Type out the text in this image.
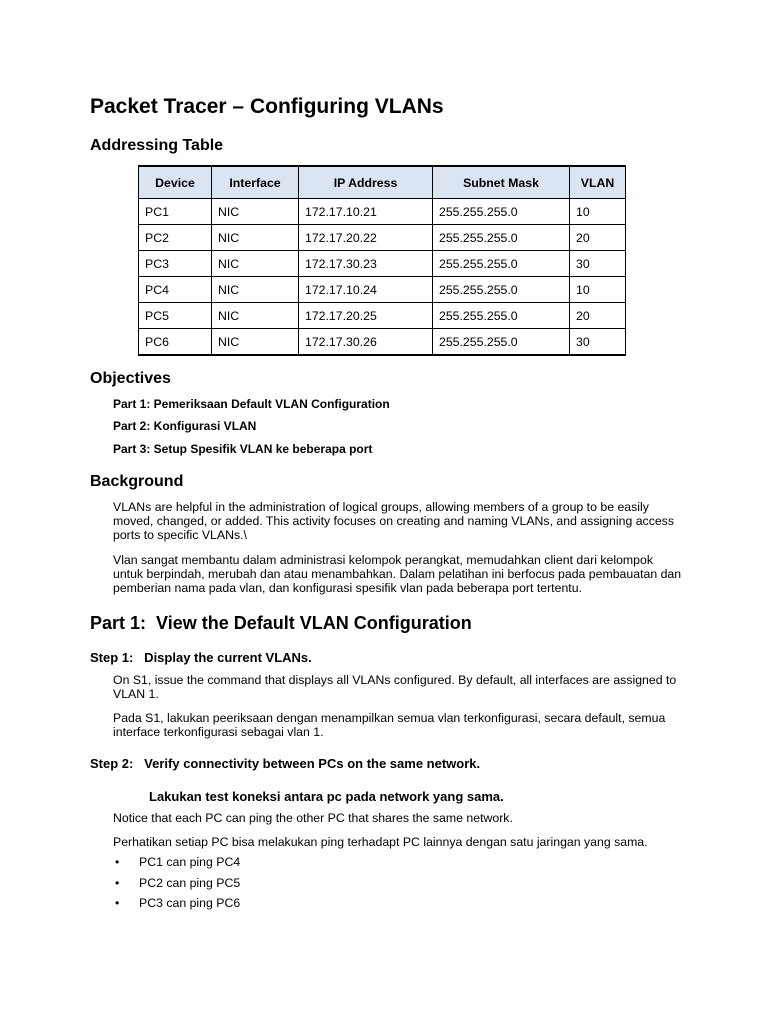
Packet Tracer – Configuring VLANs
Addressing Table
Device	Interface	IP Address	Subnet Mask	VLAN
PC1	NIC	172.17.10.21	255.255.255.0	10
PC2	NIC	172.17.20.22	255.255.255.0	20
PC3	NIC	172.17.30.23	255.255.255.0	30
PC4	NIC	172.17.10.24	255.255.255.0	10
PC5	NIC	172.17.20.25	255.255.255.0	20
PC6	NIC	172.17.30.26	255.255.255.0	30
Objectives
Part 1: Pemeriksaan Default VLAN Configuration
Part 2: Konfigurasi VLAN
Part 3: Setup Spesifik VLAN ke beberapa port
Background
VLANs are helpful in the administration of logical groups, allowing members of a group to be easily moved, changed, or added. This activity focuses on creating and naming VLANs, and assigning access ports to specific VLANs.\
Vlan sangat membantu dalam administrasi kelompok perangkat, memudahkan client dari kelompok untuk berpindah, merubah dan atau menambahkan. Dalam pelatihan ini berfocus pada pembauatan dan pemberian nama pada vlan, dan konfigurasi spesifik vlan pada beberapa port tertentu.
Part 1:  View the Default VLAN Configuration
Step 1:   Display the current VLANs.
On S1, issue the command that displays all VLANs configured. By default, all interfaces are assigned to VLAN 1.
Pada S1, lakukan peeriksaan dengan menampilkan semua vlan terkonfigurasi, secara default, semua interface terkonfigurasi sebagai vlan 1.
Step 2:   Verify connectivity between PCs on the same network.
Lakukan test koneksi antara pc pada network yang sama.
Notice that each PC can ping the other PC that shares the same network.
Perhatikan setiap PC bisa melakukan ping terhadapt PC lainnya dengan satu jaringan yang sama.
• PC1 can ping PC4
• PC2 can ping PC5
• PC3 can ping PC6
